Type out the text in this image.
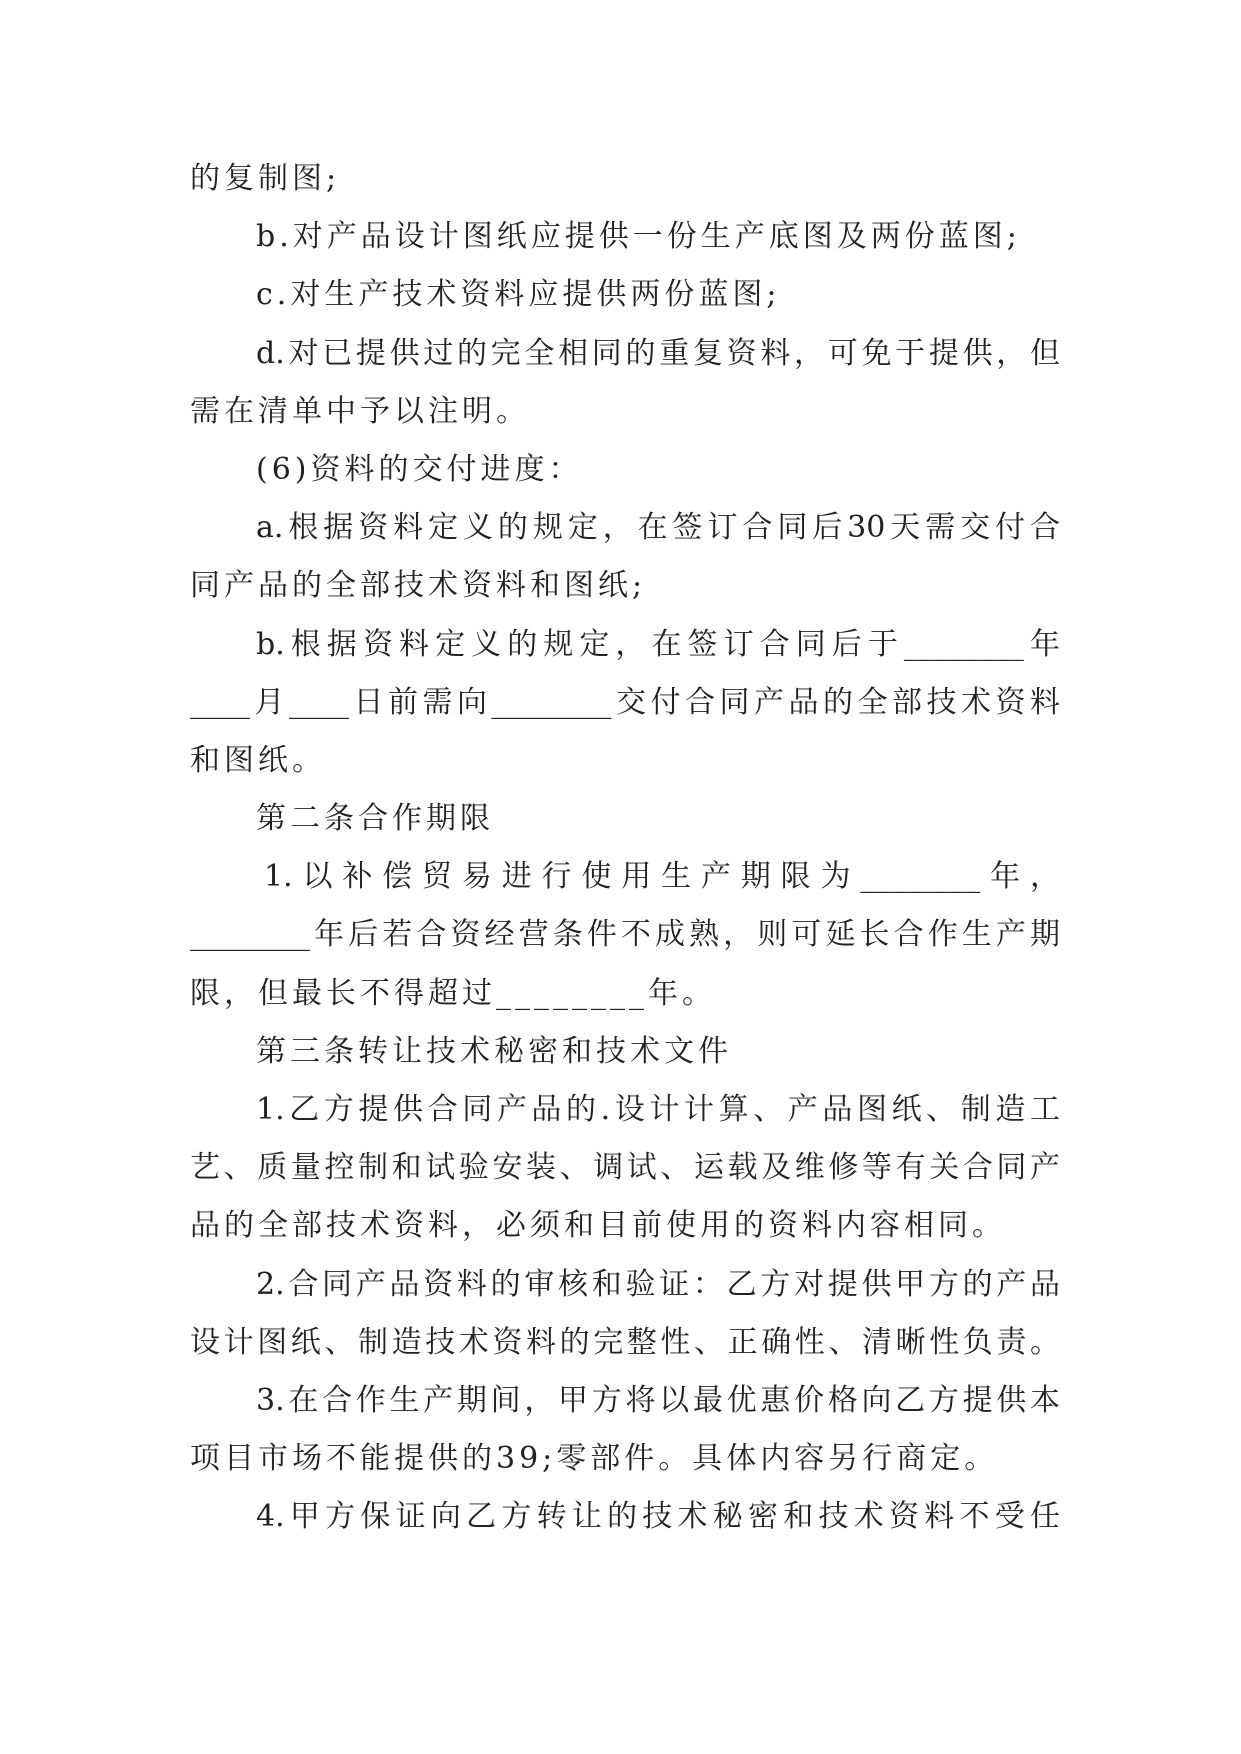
的复制图;
b.对产品设计图纸应提供一份生产底图及两份蓝图;
c.对生产技术资料应提供两份蓝图;
d.对已提供过的完全相同的重复资料，可免于提供，但
需在清单中予以注明。
(6)资料的交付进度：
a.根据资料定义的规定，在签订合同后30天需交付合
同产品的全部技术资料和图纸;
b.根据资料定义的规定，在签订合同后于________年
____月____日前需向________交付合同产品的全部技术资料
和图纸。
第二条合作期限
1.以补偿贸易进行使用生产期限为________年，
________年后若合资经营条件不成熟，则可延长合作生产期
限，但最长不得超过________年。
第三条转让技术秘密和技术文件
1.乙方提供合同产品的.设计计算、产品图纸、制造工
艺、质量控制和试验安装、调试、运载及维修等有关合同产
品的全部技术资料，必须和目前使用的资料内容相同。
2.合同产品资料的审核和验证：乙方对提供甲方的产品
设计图纸、制造技术资料的完整性、正确性、清晰性负责。
3.在合作生产期间，甲方将以最优惠价格向乙方提供本
项目市场不能提供的39;零部件。具体内容另行商定。
4.甲方保证向乙方转让的技术秘密和技术资料不受任
